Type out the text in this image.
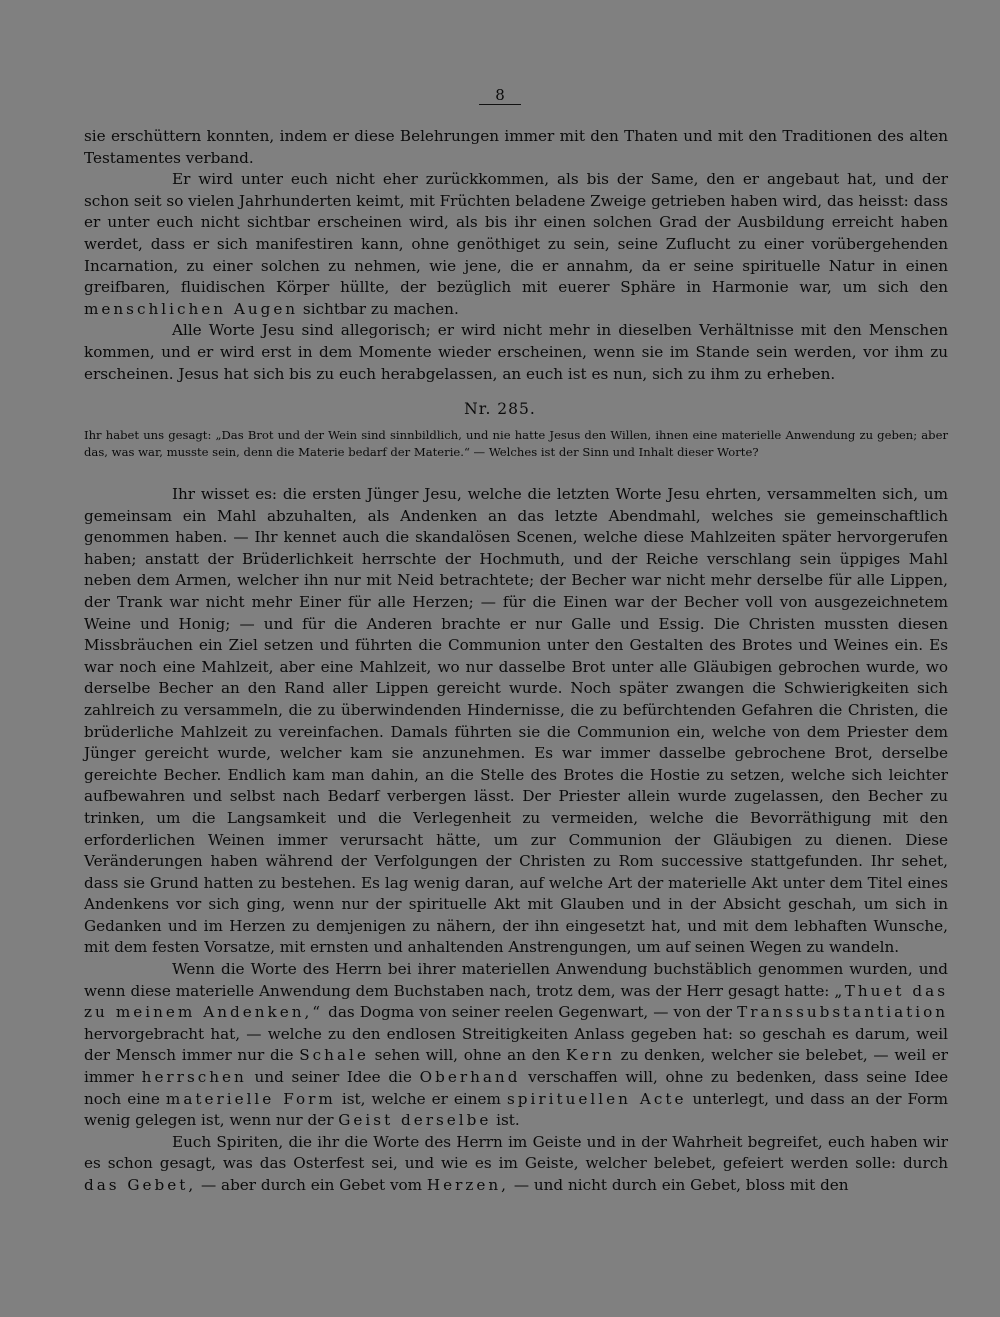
8

sie erschüttern konnten, indem er diese Belehrungen immer mit den Thaten und mit den Traditionen des alten Testamentes verband.

Er wird unter euch nicht eher zurückkommen, als bis der Same, den er angebaut hat, und der schon seit so vielen Jahrhunderten keimt, mit Früchten beladene Zweige getrieben haben wird, das heisst: dass er unter euch nicht sichtbar erscheinen wird, als bis ihr einen solchen Grad der Ausbildung erreicht haben werdet, dass er sich manifestiren kann, ohne genöthiget zu sein, seine Zuflucht zu einer vorübergehenden Incarnation, zu einer solchen zu nehmen, wie jene, die er annahm, da er seine spirituelle Natur in einen greifbaren, fluidischen Körper hüllte, der bezüglich mit euerer Sphäre in Harmonie war, um sich den menschlichen Augen sichtbar zu machen.

Alle Worte Jesu sind allegorisch; er wird nicht mehr in dieselben Verhältnisse mit den Menschen kommen, und er wird erst in dem Momente wieder erscheinen, wenn sie im Stande sein werden, vor ihm zu erscheinen. Jesus hat sich bis zu euch herabgelassen, an euch ist es nun, sich zu ihm zu erheben.

Nr. 285.
Ihr habet uns gesagt: „Das Brot und der Wein sind sinnbildlich, und nie hatte Jesus den Willen, ihnen eine materielle Anwendung zu geben; aber das, was war, musste sein, denn die Materie bedarf der Materie.“ — Welches ist der Sinn und Inhalt dieser Worte?

Ihr wisset es: die ersten Jünger Jesu, welche die letzten Worte Jesu ehrten, versammelten sich, um gemeinsam ein Mahl abzuhalten, als Andenken an das letzte Abendmahl, welches sie gemeinschaftlich genommen haben. — Ihr kennet auch die skandalösen Scenen, welche diese Mahlzeiten später hervorgerufen haben; anstatt der Brüderlichkeit herrschte der Hochmuth, und der Reiche verschlang sein üppiges Mahl neben dem Armen, welcher ihn nur mit Neid betrachtete; der Becher war nicht mehr derselbe für alle Lippen, der Trank war nicht mehr Einer für alle Herzen; — für die Einen war der Becher voll von ausgezeichnetem Weine und Honig; — und für die Anderen brachte er nur Galle und Essig. Die Christen mussten diesen Missbräuchen ein Ziel setzen und führten die Communion unter den Gestalten des Brotes und Weines ein. Es war noch eine Mahlzeit, aber eine Mahlzeit, wo nur dasselbe Brot unter alle Gläubigen gebrochen wurde, wo derselbe Becher an den Rand aller Lippen gereicht wurde. Noch später zwangen die Schwierigkeiten sich zahlreich zu versammeln, die zu überwindenden Hindernisse, die zu befürchtenden Gefahren die Christen, die brüderliche Mahlzeit zu vereinfachen. Damals führten sie die Communion ein, welche von dem Priester dem Jünger gereicht wurde, welcher kam sie anzunehmen. Es war immer dasselbe gebrochene Brot, derselbe gereichte Becher. Endlich kam man dahin, an die Stelle des Brotes die Hostie zu setzen, welche sich leichter aufbewahren und selbst nach Bedarf verbergen lässt. Der Priester allein wurde zugelassen, den Becher zu trinken, um die Langsamkeit und die Verlegenheit zu vermeiden, welche die Bevorräthigung mit den erforderlichen Weinen immer verursacht hätte, um zur Communion der Gläubigen zu dienen. Diese Veränderungen haben während der Verfolgungen der Christen zu Rom successive stattgefunden. Ihr sehet, dass sie Grund hatten zu bestehen. Es lag wenig daran, auf welche Art der materielle Akt unter dem Titel eines Andenkens vor sich ging, wenn nur der spirituelle Akt mit Glauben und in der Absicht geschah, um sich in Gedanken und im Herzen zu demjenigen zu nähern, der ihn eingesetzt hat, und mit dem lebhaften Wunsche, mit dem festen Vorsatze, mit ernsten und anhaltenden Anstrengungen, um auf seinen Wegen zu wandeln.

Wenn die Worte des Herrn bei ihrer materiellen Anwendung buchstäblich genommen wurden, und wenn diese materielle Anwendung dem Buchstaben nach, trotz dem, was der Herr gesagt hatte: „Thuet das zu meinem Andenken,“ das Dogma von seiner reelen Gegenwart, — von der Transsubstantiation hervorgebracht hat, — welche zu den endlosen Streitigkeiten Anlass gegeben hat: so geschah es darum, weil der Mensch immer nur die Schale sehen will, ohne an den Kern zu denken, welcher sie belebet, — weil er immer herrschen und seiner Idee die Oberhand verschaffen will, ohne zu bedenken, dass seine Idee noch eine materielle Form ist, welche er einem spirituellen Acte unterlegt, und dass an der Form wenig gelegen ist, wenn nur der Geist derselbe ist.

Euch Spiriten, die ihr die Worte des Herrn im Geiste und in der Wahrheit begreifet, euch haben wir es schon gesagt, was das Osterfest sei, und wie es im Geiste, welcher belebet, gefeiert werden solle: durch das Gebet, — aber durch ein Gebet vom Herzen, — und nicht durch ein Gebet, bloss mit den
